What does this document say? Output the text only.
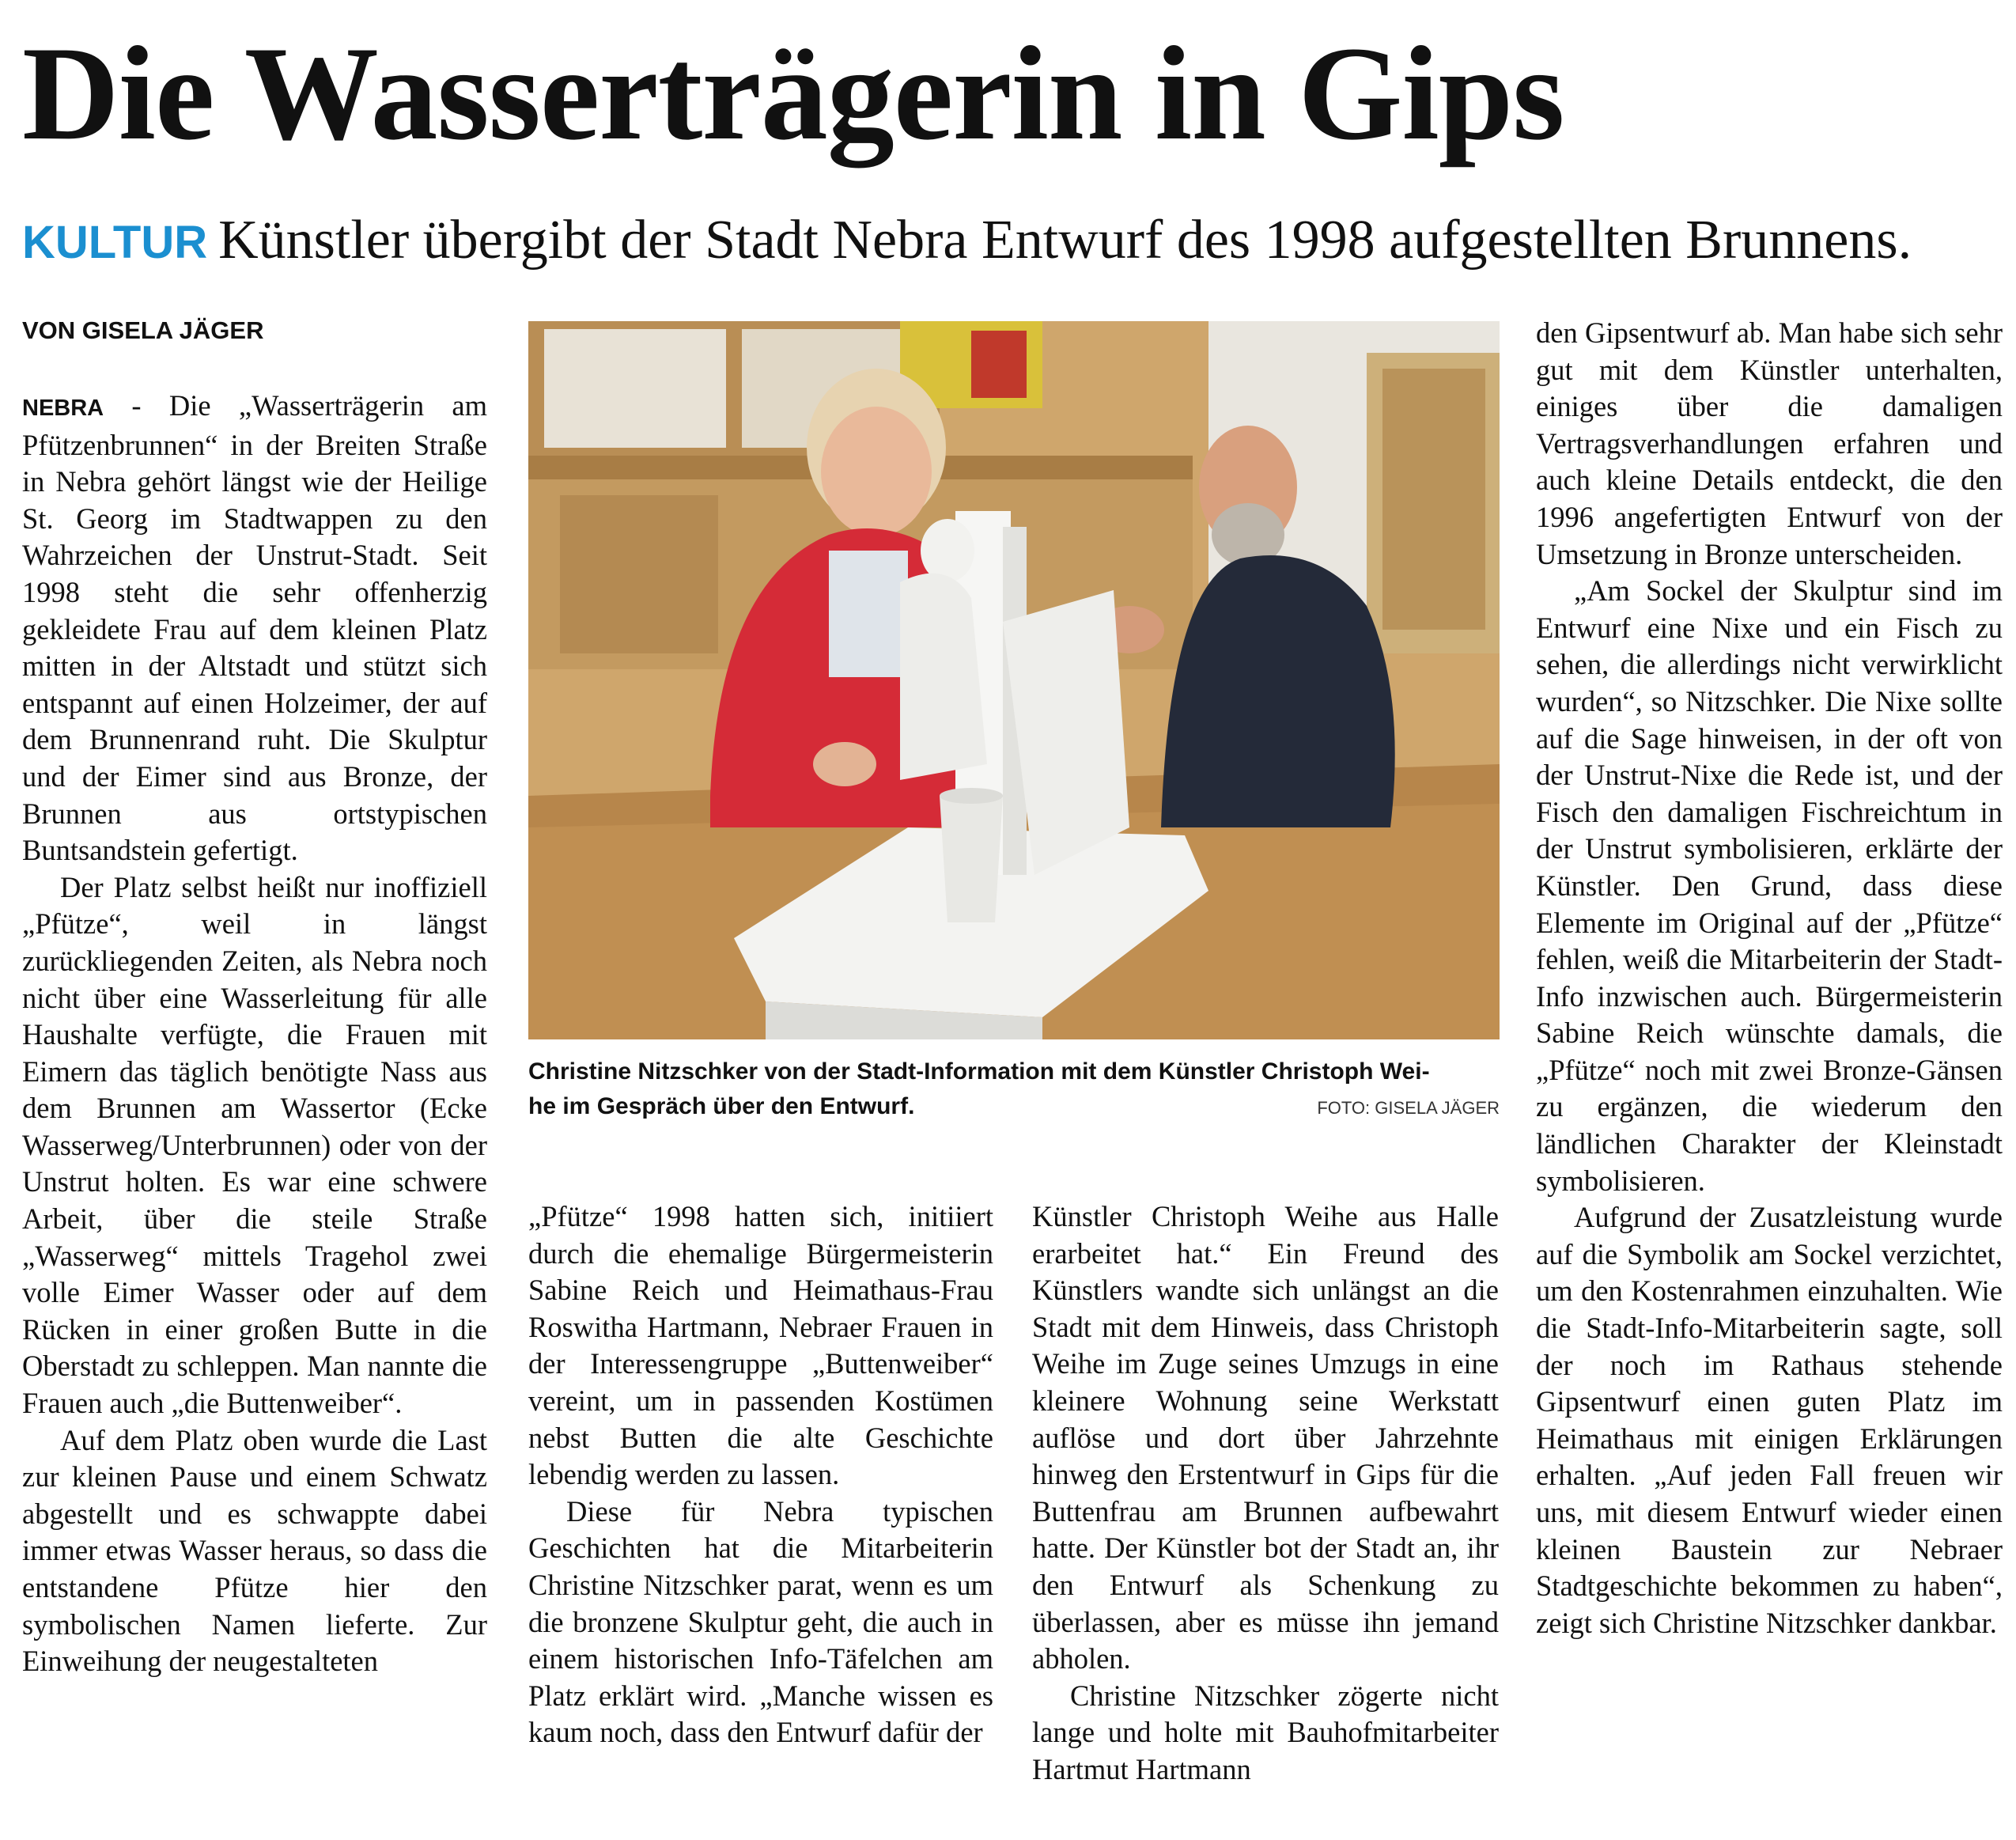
Die Wasserträgerin in Gips
KULTUR Künstler übergibt der Stadt Nebra Entwurf des 1998 aufgestellten Brunnens.
VON GISELA JÄGER

NEBRA - Die „Wasserträgerin am Pfützenbrunnen“ in der Breiten Straße in Nebra gehört längst wie der Heilige St. Georg im Stadtwappen zu den Wahrzeichen der Unstrut-Stadt. Seit 1998 steht die sehr offenherzig gekleidete Frau auf dem kleinen Platz mitten in der Altstadt und stützt sich entspannt auf einen Holzeimer, der auf dem Brunnenrand ruht. Die Skulptur und der Eimer sind aus Bronze, der Brunnen aus ortstypischen Buntsandstein gefertigt.

Der Platz selbst heißt nur inoffiziell „Pfütze“, weil in längst zurückliegenden Zeiten, als Nebra noch nicht über eine Wasserleitung für alle Haushalte verfügte, die Frauen mit Eimern das täglich benötigte Nass aus dem Brunnen am Wassertor (Ecke Wasserweg/Unterbrunnen) oder von der Unstrut holten. Es war eine schwere Arbeit, über die steile Straße „Wasserweg“ mittels Tragehol zwei volle Eimer Wasser oder auf dem Rücken in einer großen Butte in die Oberstadt zu schleppen. Man nannte die Frauen auch „die Buttenweiber“.

Auf dem Platz oben wurde die Last zur kleinen Pause und einem Schwatz abgestellt und es schwappte dabei immer etwas Wasser heraus, so dass die entstandene Pfütze hier den symbolischen Namen lieferte. Zur Einweihung der neugestalteten

Christine Nitzschker von der Stadt-Information mit dem Künstler Christoph Wei-
he im Gespräch über den Entwurf.	FOTO: GISELA JÄGER

„Pfütze“ 1998 hatten sich, initiiert durch die ehemalige Bürgermeisterin Sabine Reich und Heimathaus-Frau Roswitha Hartmann, Nebraer Frauen in der Interessengruppe „Buttenweiber“ vereint, um in passenden Kostümen nebst Butten die alte Geschichte lebendig werden zu lassen.

Diese für Nebra typischen Geschichten hat die Mitarbeiterin Christine Nitzschker parat, wenn es um die bronzene Skulptur geht, die auch in einem historischen Info-Täfelchen am Platz erklärt wird. „Manche wissen es kaum noch, dass den Entwurf dafür der

Künstler Christoph Weihe aus Halle erarbeitet hat.“ Ein Freund des Künstlers wandte sich unlängst an die Stadt mit dem Hinweis, dass Christoph Weihe im Zuge seines Umzugs in eine kleinere Wohnung seine Werkstatt auflöse und dort über Jahrzehnte hinweg den Erstentwurf in Gips für die Buttenfrau am Brunnen aufbewahrt hatte. Der Künstler bot der Stadt an, ihr den Entwurf als Schenkung zu überlassen, aber es müsse ihn jemand abholen.

Christine Nitzschker zögerte nicht lange und holte mit Bauhofmitarbeiter Hartmut Hartmann

den Gipsentwurf ab. Man habe sich sehr gut mit dem Künstler unterhalten, einiges über die damaligen Vertragsverhandlungen erfahren und auch kleine Details entdeckt, die den 1996 angefertigten Entwurf von der Umsetzung in Bronze unterscheiden.

„Am Sockel der Skulptur sind im Entwurf eine Nixe und ein Fisch zu sehen, die allerdings nicht verwirklicht wurden“, so Nitzschker. Die Nixe sollte auf die Sage hinweisen, in der oft von der Unstrut-Nixe die Rede ist, und der Fisch den damaligen Fischreichtum in der Unstrut symbolisieren, erklärte der Künstler. Den Grund, dass diese Elemente im Original auf der „Pfütze“ fehlen, weiß die Mitarbeiterin der Stadt-Info inzwischen auch. Bürgermeisterin Sabine Reich wünschte damals, die „Pfütze“ noch mit zwei Bronze-Gänsen zu ergänzen, die wiederum den ländlichen Charakter der Kleinstadt symbolisieren.

Aufgrund der Zusatzleistung wurde auf die Symbolik am Sockel verzichtet, um den Kostenrahmen einzuhalten. Wie die Stadt-Info-Mitarbeiterin sagte, soll der noch im Rathaus stehende Gipsentwurf einen guten Platz im Heimathaus mit einigen Erklärungen erhalten. „Auf jeden Fall freuen wir uns, mit diesem Entwurf wieder einen kleinen Baustein zur Nebraer Stadtgeschichte bekommen zu haben“, zeigt sich Christine Nitzschker dankbar.
